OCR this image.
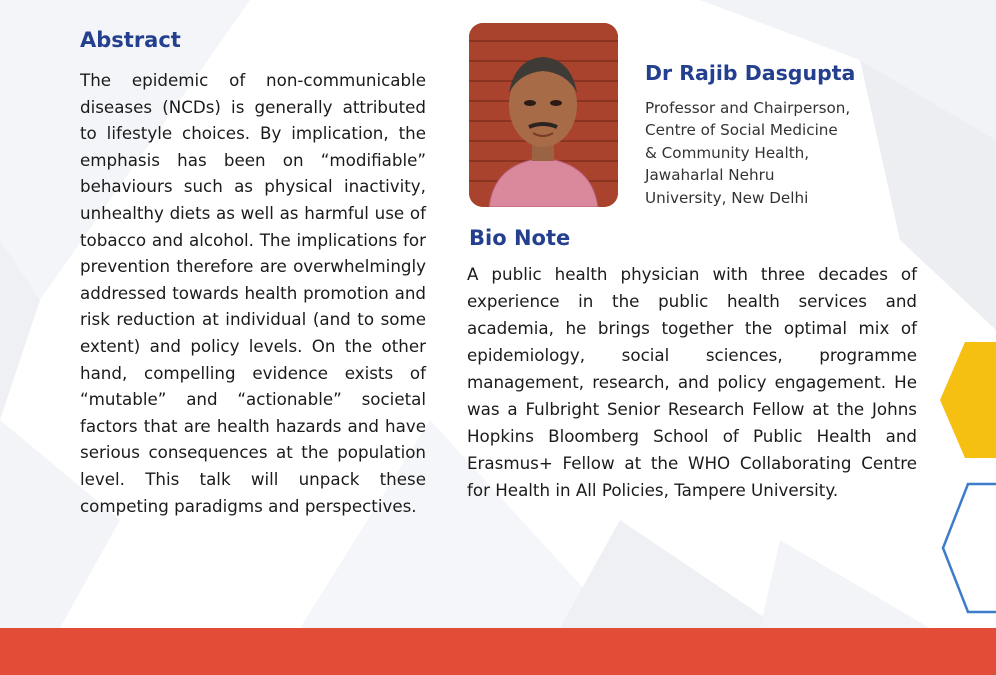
Abstract

The epidemic of non-communicable diseases (NCDs) is generally attributed to lifestyle choices. By implication, the emphasis has been on “modifiable” behaviours such as physical inactivity, unhealthy diets as well as harmful use of tobacco and alcohol. The implications for prevention therefore are overwhelmingly addressed towards health promotion and risk reduction at individual (and to some extent) and policy levels. On the other hand, compelling evidence exists of “mutable” and “actionable” societal factors that are health hazards and have serious consequences at the population level. This talk will unpack these competing paradigms and perspectives.

Dr Rajib Dasgupta
Professor and Chairperson,
Centre of Social Medicine
& Community Health,
Jawaharlal Nehru
University, New Delhi
Bio Note

A public health physician with three decades of experience in the public health services and academia, he brings together the optimal mix of epidemiology, social sciences, programme management, research, and policy engagement. He was a Fulbright Senior Research Fellow at the Johns Hopkins Bloomberg School of Public Health and Erasmus+ Fellow at the WHO Collaborating Centre for Health in All Policies, Tampere University.
